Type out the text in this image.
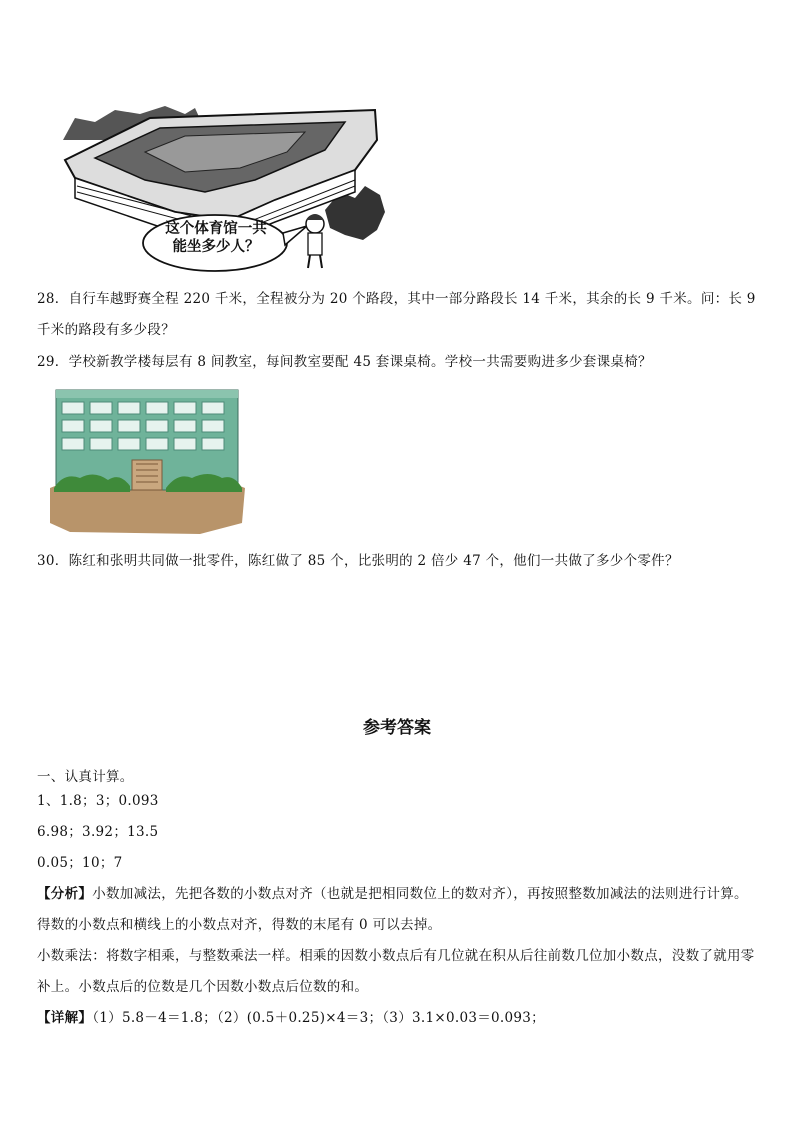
这个体育馆一共
能坐多少人？
28．自行车越野赛全程 220 千米，全程被分为 20 个路段，其中一部分路段长 14 千米，其余的长 9 千米。问：长 9 千米的路段有多少段？
29．学校新教学楼每层有 8 间教室，每间教室要配 45 套课桌椅。学校一共需要购进多少套课桌椅？
30．陈红和张明共同做一批零件，陈红做了 85 个，比张明的 2 倍少 47 个，他们一共做了多少个零件？
参考答案
一、认真计算。
1、1.8；3；0.093
6.98；3.92；13.5
0.05；10；7
【分析】小数加减法，先把各数的小数点对齐（也就是把相同数位上的数对齐），再按照整数加减法的法则进行计算。得数的小数点和横线上的小数点对齐，得数的末尾有 0 可以去掉。
小数乘法：将数字相乘，与整数乘法一样。相乘的因数小数点后有几位就在积从后往前数几位加小数点，没数了就用零补上。小数点后的位数是几个因数小数点后位数的和。
【详解】（1）5.8－4＝1.8；（2）(0.5＋0.25)×4＝3；（3）3.1×0.03＝0.093；
